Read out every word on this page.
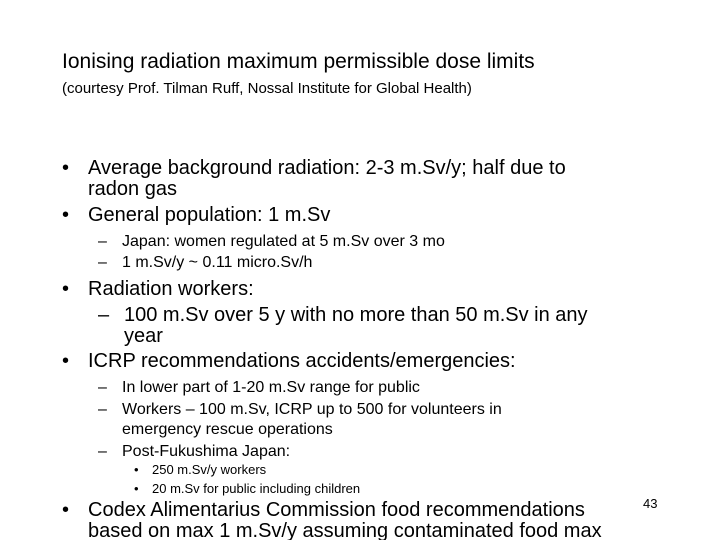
Ionising radiation maximum permissible dose limits
(courtesy Prof. Tilman Ruff, Nossal Institute for Global Health)
• Average background radiation: 2-3 m.Sv/y; half due to
radon gas
• General population: 1 m.Sv
– Japan: women regulated at 5 m.Sv over 3 mo
– 1 m.Sv/y ~ 0.11 micro.Sv/h
• Radiation workers:
– 100 m.Sv over 5 y with no more than 50 m.Sv in any
year
• ICRP recommendations accidents/emergencies:
– In lower part of 1-20 m.Sv range for public
– Workers – 100 m.Sv, ICRP up to 500 for volunteers in
emergency rescue operations
– Post-Fukushima Japan:
• 250 m.Sv/y workers
• 20 m.Sv for public including children
• Codex Alimentarius Commission food recommendations
based on max 1 m.Sv/y assuming contaminated food max
43
